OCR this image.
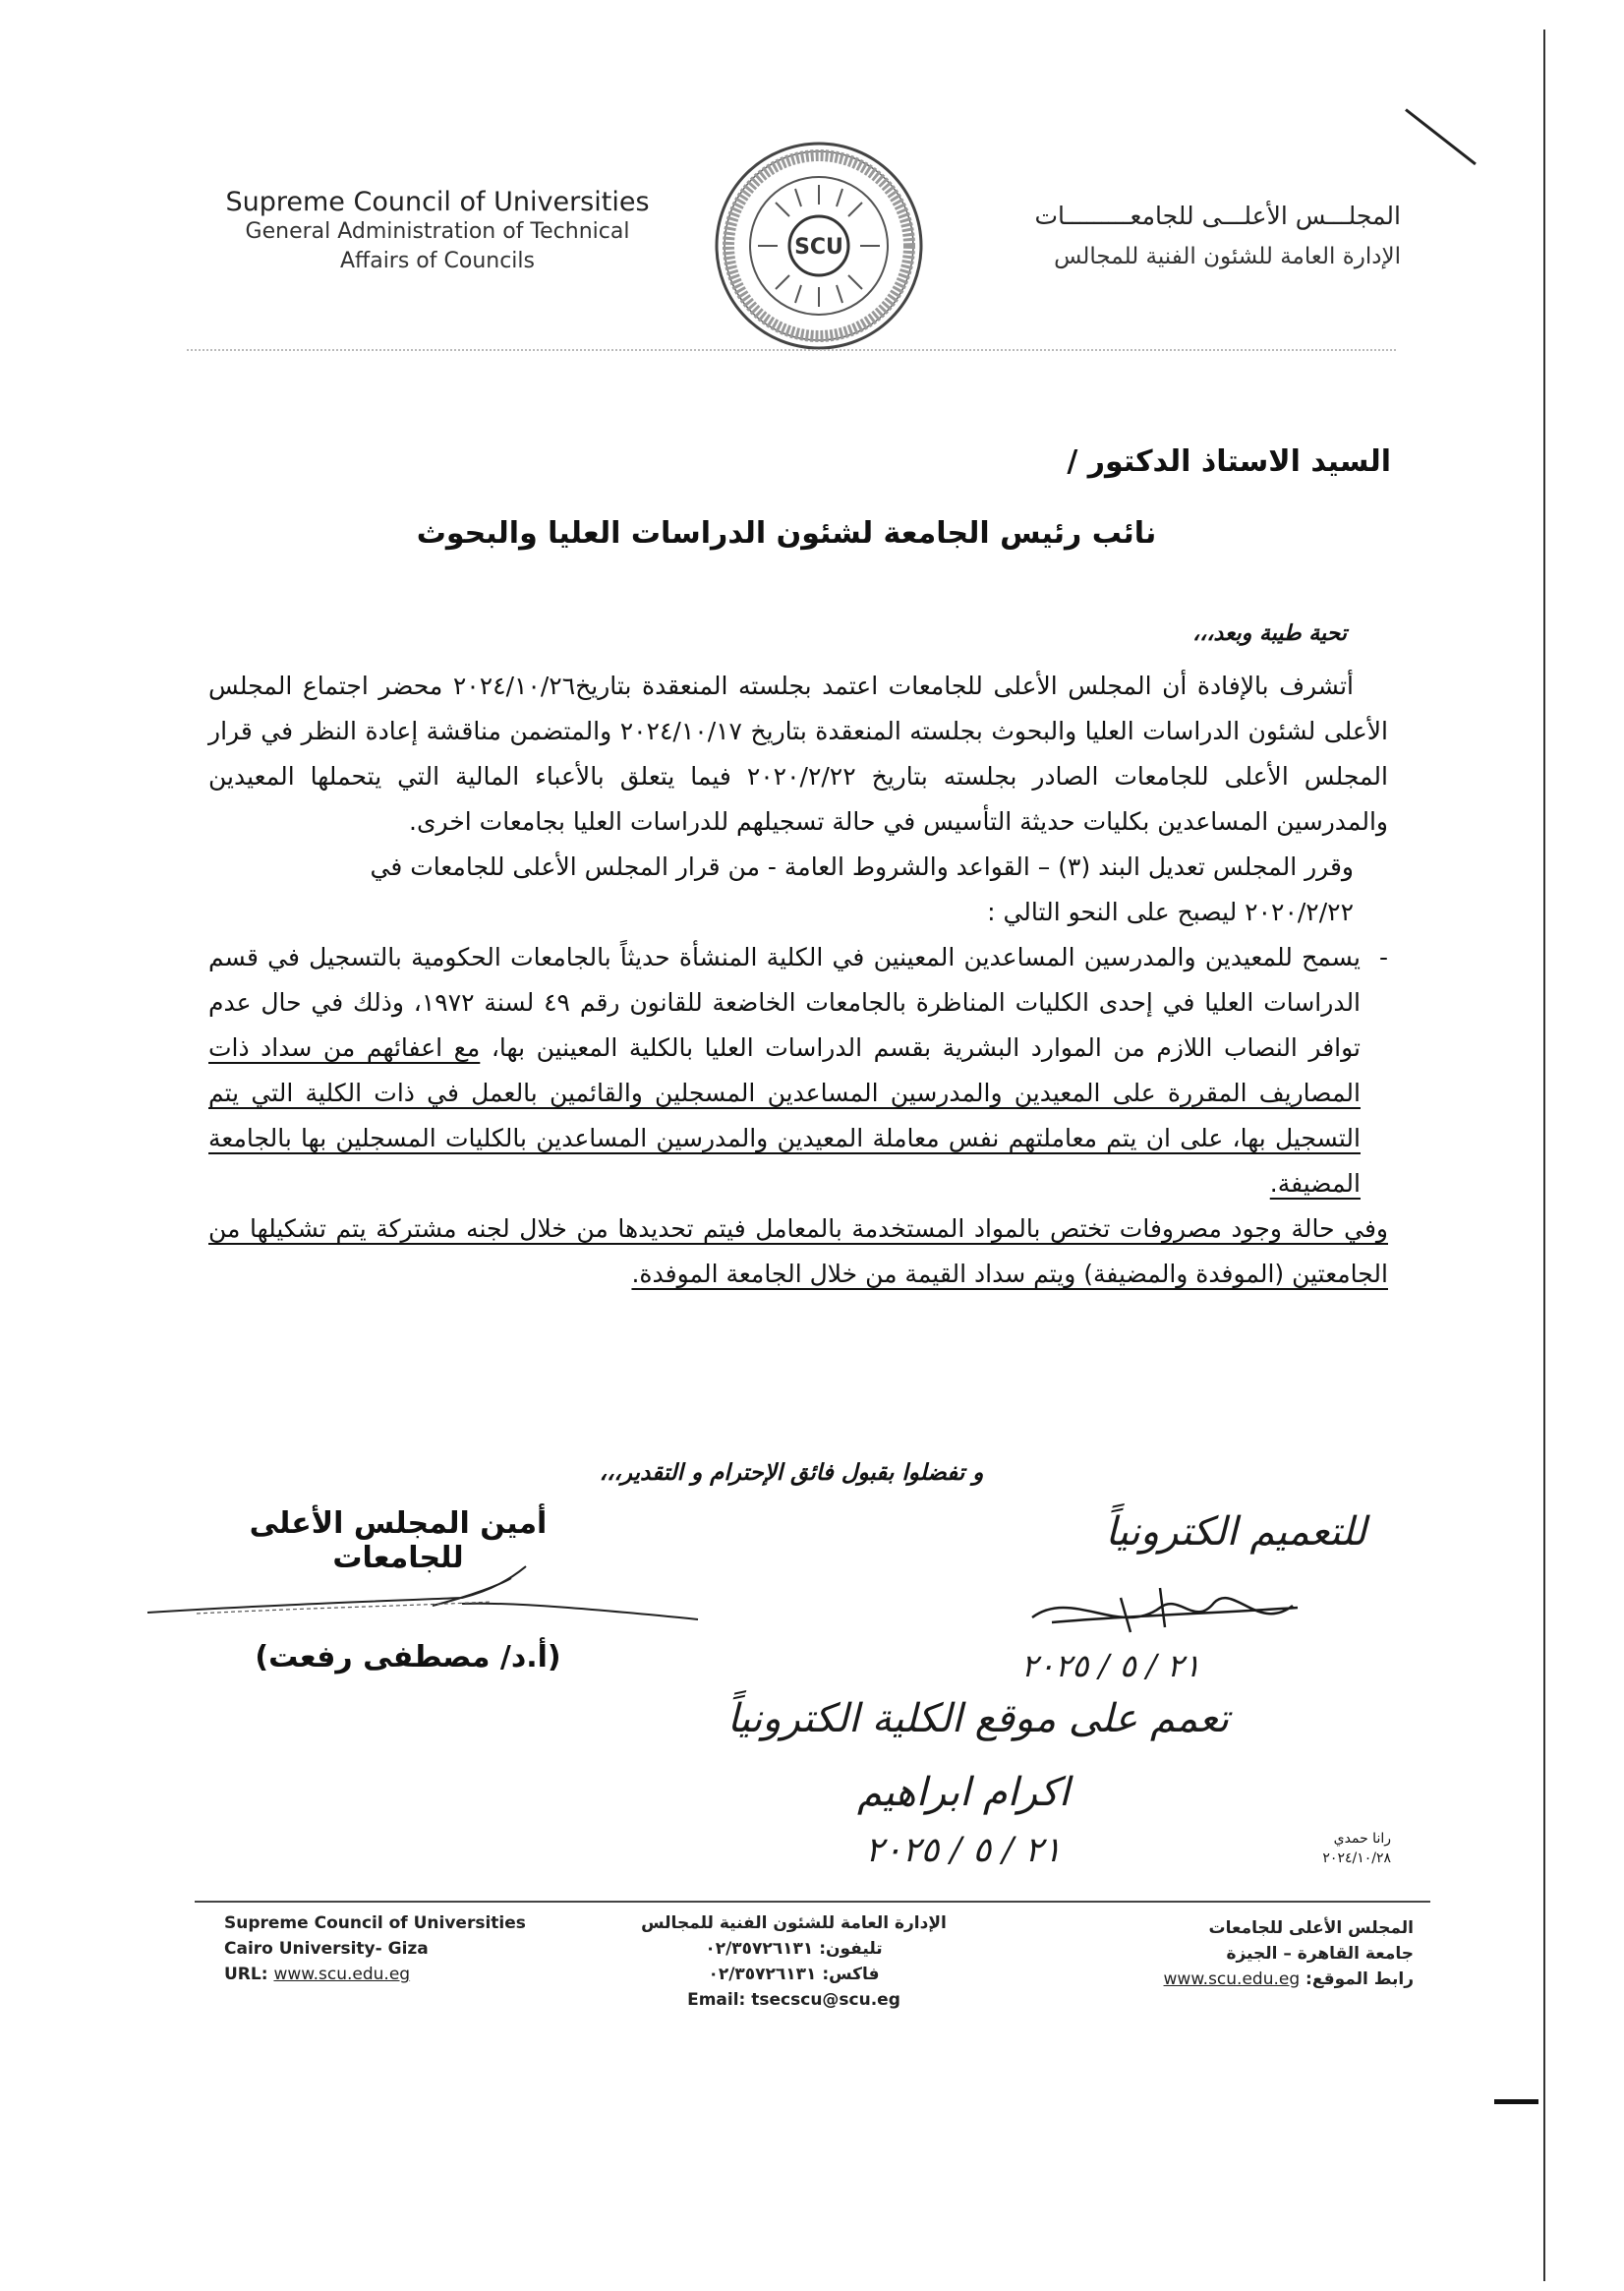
Supreme Council of Universities
General Administration of Technical Affairs of Councils
SCU
المجلـــس الأعلـــى للجامعـــــــــات
الإدارة العامة للشئون الفنية للمجالس
السيد الاستاذ الدكتور /
نائب رئيس الجامعة لشئون الدراسات العليا والبحوث
تحية طيبة وبعد،،،

أتشرف بالإفادة أن المجلس الأعلى للجامعات اعتمد بجلسته المنعقدة بتاريخ٢٠٢٤/١٠/٢٦ محضر اجتماع المجلس الأعلى لشئون الدراسات العليا والبحوث بجلسته المنعقدة بتاريخ ٢٠٢٤/١٠/١٧ والمتضمن مناقشة إعادة النظر في قرار المجلس الأعلى للجامعات الصادر بجلسته بتاريخ ٢٠٢٠/٢/٢٢ فيما يتعلق بالأعباء المالية التي يتحملها المعيدين والمدرسين المساعدين بكليات حديثة التأسيس في حالة تسجيلهم للدراسات العليا بجامعات اخرى.

وقرر المجلس تعديل البند (٣) – القواعد والشروط العامة - من قرار المجلس الأعلى للجامعات في
٢٠٢٠/٢/٢٢ ليصبح على النحو التالي :

-
يسمح للمعيدين والمدرسين المساعدين المعينين في الكلية المنشأة حديثاً بالجامعات الحكومية بالتسجيل في قسم الدراسات العليا في إحدى الكليات المناظرة بالجامعات الخاضعة للقانون رقم ٤٩ لسنة ١٩٧٢، وذلك في حال عدم توافر النصاب اللازم من الموارد البشرية بقسم الدراسات العليا بالكلية المعينين بها، مع اعفائهم من سداد ذات المصاريف المقررة على المعيدين والمدرسين المساعدين المسجلين والقائمين بالعمل في ذات الكلية التي يتم التسجيل بها، على ان يتم معاملتهم نفس معاملة المعيدين والمدرسين المساعدين بالكليات المسجلين بها بالجامعة المضيفة.

وفي حالة وجود مصروفات تختص بالمواد المستخدمة بالمعامل فيتم تحديدها من خلال لجنه مشتركة يتم تشكيلها من الجامعتين (الموفدة والمضيفة) ويتم سداد القيمة من خلال الجامعة الموفدة.

و تفضلوا بقبول فائق الإحترام و التقدير،،،
أمين المجلس الأعلى للجامعات
(أ.د/ مصطفى رفعت)
للتعميم الكترونياً
٢١ / ٥ / ٢٠٢٥
تعمم على موقع الكلية الكترونياً
اكرام ابراهيم
٢١ / ٥ / ٢٠٢٥	رانا حمدي
٢٠٢٤/١٠/٢٨
Supreme Council of Universities
Cairo University- Giza
URL: www.scu.edu.eg
الإدارة العامة للشئون الفنية للمجالس
تليفون: ٠٢/٣٥٧٢٦١٣١
فاكس: ٠٢/٣٥٧٢٦١٣١
Email: tsecscu@scu.eg
المجلس الأعلى للجامعات
جامعة القاهرة – الجيزة
رابط الموقع: www.scu.edu.eg
